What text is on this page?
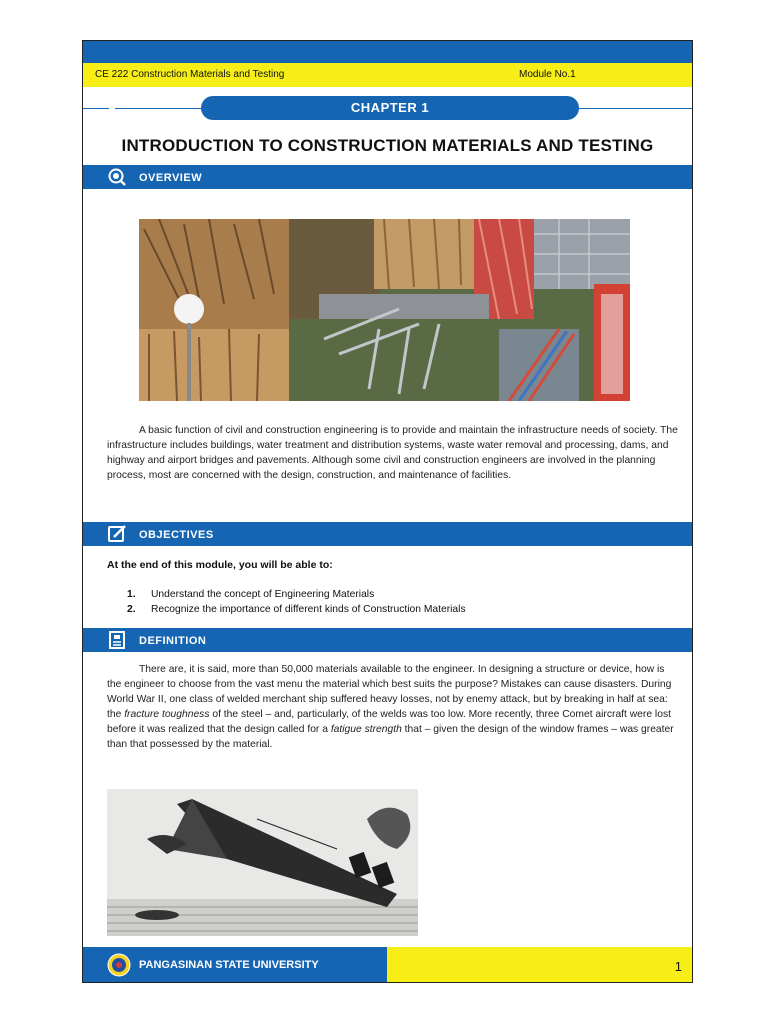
CE 222 Construction Materials and Testing	Module No.1
CHAPTER 1
INTRODUCTION TO CONSTRUCTION MATERIALS AND TESTING
OVERVIEW

A basic function of civil and construction engineering is to provide and maintain the infrastructure needs of society. The infrastructure includes buildings, water treatment and distribution systems, waste water removal and processing, dams, and highway and airport bridges and pavements. Although some civil and construction engineers are involved in the planning process, most are concerned with the design, construction, and maintenance of facilities.

OBJECTIVES
At the end of this module, you will be able to:
1. Understand the concept of Engineering Materials
2. Recognize the importance of different kinds of Construction Materials
DEFINITION

There are, it is said, more than 50,000 materials available to the engineer. In designing a structure or device, how is the engineer to choose from the vast menu the material which best suits the purpose? Mistakes can cause disasters. During World War II, one class of welded merchant ship suffered heavy losses, not by enemy attack, but by breaking in half at sea: the fracture toughness of the steel – and, particularly, of the welds was too low. More recently, three Comet aircraft were lost before it was realized that the design called for a fatigue strength that – given the design of the window frames – was greater than that possessed by the material.

PANGASINAN STATE UNIVERSITY	1
